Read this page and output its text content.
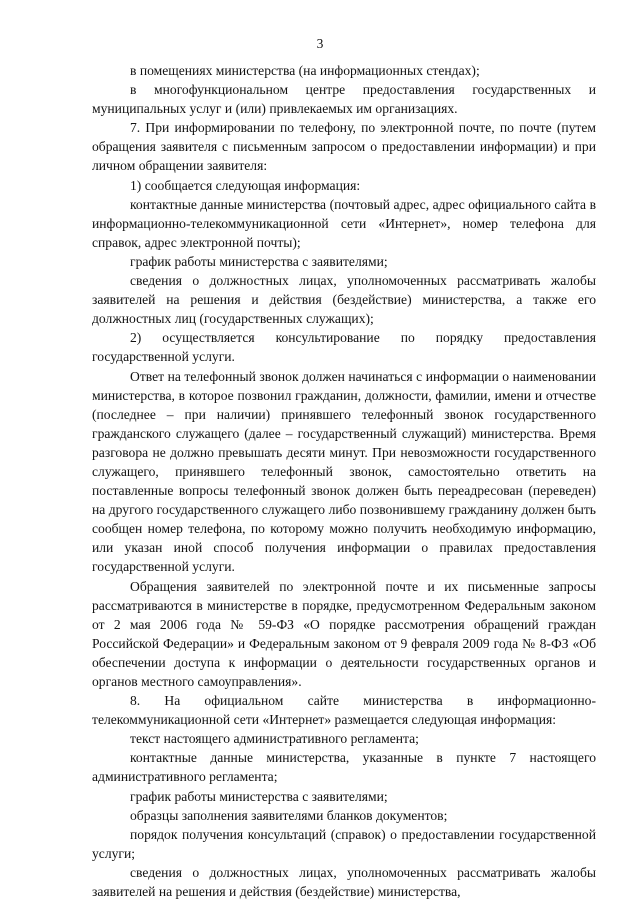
3

в помещениях министерства (на информационных стендах);

в многофункциональном центре предоставления государственных и муниципальных услуг и (или) привлекаемых им организациях.

7. При информировании по телефону, по электронной почте, по почте (путем обращения заявителя с письменным запросом о предоставлении информации) и при личном обращении заявителя:

1) сообщается следующая информация:

контактные данные министерства (почтовый адрес, адрес официального сайта в информационно-телекоммуникационной сети «Интернет», номер телефона для справок, адрес электронной почты);

график работы министерства с заявителями;

сведения о должностных лицах, уполномоченных рассматривать жалобы заявителей на решения и действия (бездействие) министерства, а также его должностных лиц (государственных служащих);

2) осуществляется консультирование по порядку предоставления государственной услуги.

Ответ на телефонный звонок должен начинаться с информации о наименовании министерства, в которое позвонил гражданин, должности, фамилии, имени и отчестве (последнее – при наличии) принявшего телефонный звонок государственного гражданского служащего (далее – государственный служащий) министерства. Время разговора не должно превышать десяти минут. При невозможности государственного служащего, принявшего телефонный звонок, самостоятельно ответить на поставленные вопросы телефонный звонок должен быть переадресован (переведен) на другого государственного служащего либо позвонившему гражданину должен быть сообщен номер телефона, по которому можно получить необходимую информацию, или указан иной способ получения информации о правилах предоставления государственной услуги.

Обращения заявителей по электронной почте и их письменные запросы рассматриваются в министерстве в порядке, предусмотренном Федеральным законом от 2 мая 2006 года № 59-ФЗ «О порядке рассмотрения обращений граждан Российской Федерации» и Федеральным законом от 9 февраля 2009 года № 8-ФЗ «Об обеспечении доступа к информации о деятельности государственных органов и органов местного самоуправления».

8. На официальном сайте министерства в информационно-телекоммуникационной сети «Интернет» размещается следующая информация:

текст настоящего административного регламента;

контактные данные министерства, указанные в пункте 7 настоящего административного регламента;

график работы министерства с заявителями;

образцы заполнения заявителями бланков документов;

порядок получения консультаций (справок) о предоставлении государственной услуги;

сведения о должностных лицах, уполномоченных рассматривать жалобы заявителей на решения и действия (бездействие) министерства,
